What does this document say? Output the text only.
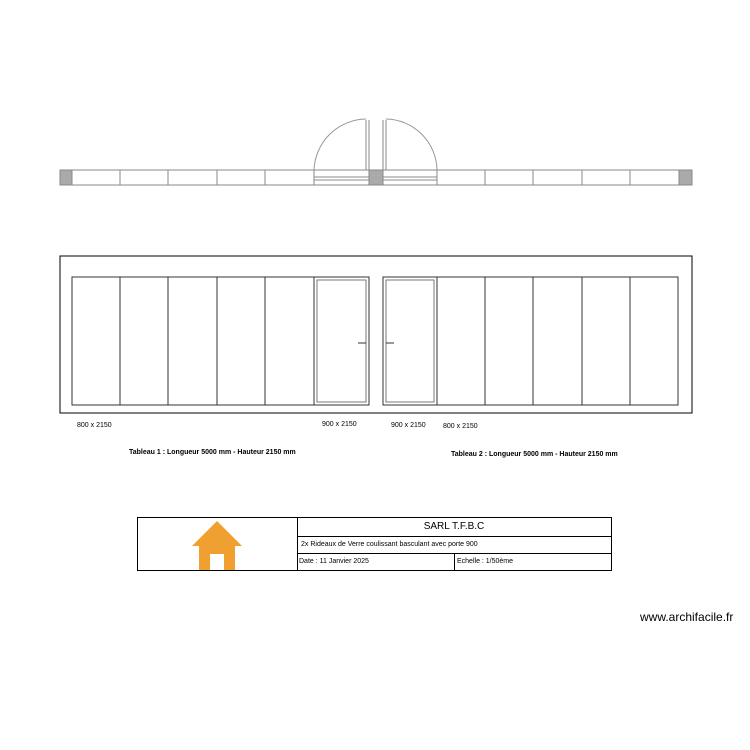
800 x 2150	900 x 2150	900 x 2150 800 x 2150
Tableau 1 : Longueur 5000 mm - Hauteur 2150 mm	Tableau 2 : Longueur 5000 mm - Hauteur 2150 mm
SARL T.F.B.C
2x Rideaux de Verre coulissant basculant avec porte 900
Date : 11 Janvier 2025	Echelle : 1/50ème
www.archifacile.fr
